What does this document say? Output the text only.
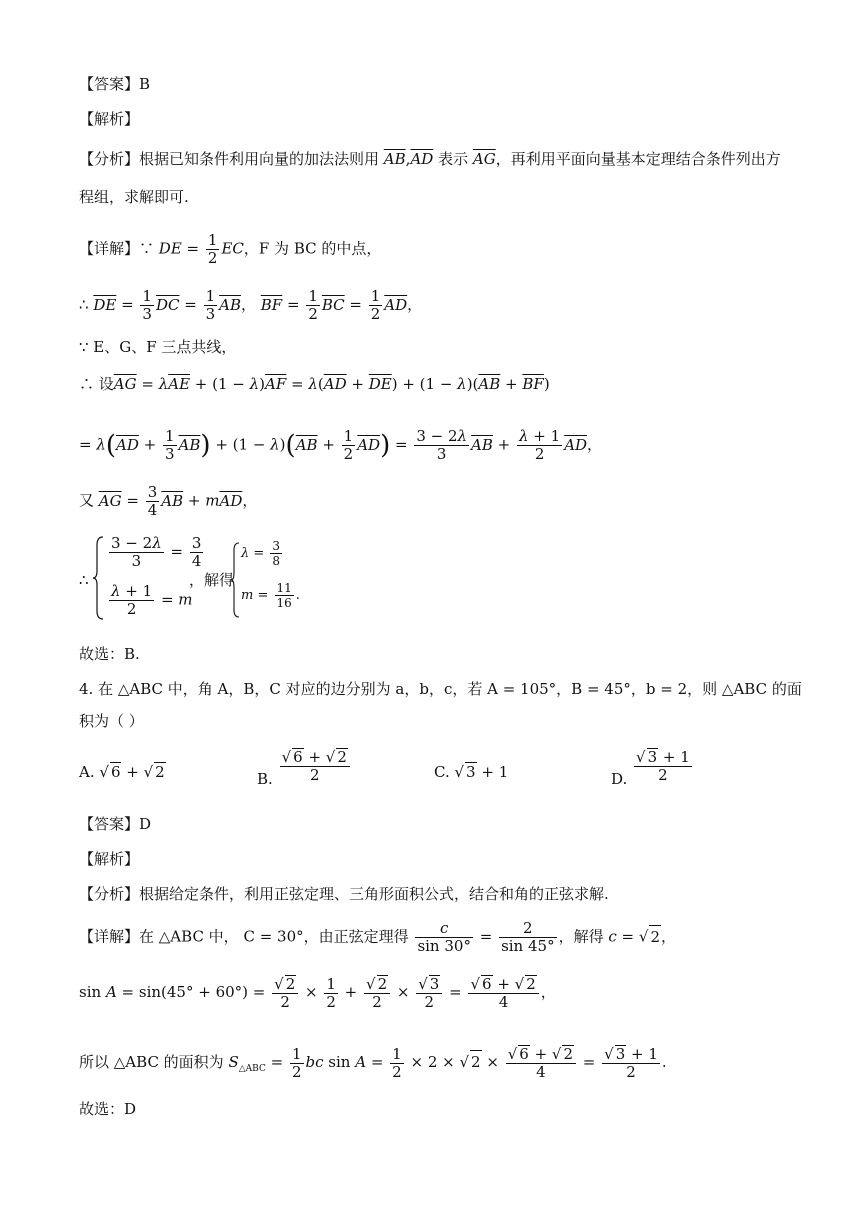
【答案】B
【解析】
【分析】根据已知条件利用向量的加法法则用 $\overline{AB},\overline{AD}$ 表示 $\overline{AG}$，再利用平面向量基本定理结合条件列出方
程组，求解即可.
【详解】∵ DE = $\frac{1}{2}$ EC，F 为 BC 的中点，
∴ $\overline{DE} = \frac{1}{3} \overline{DC} = \frac{1}{3} \overline{AB}$， $\overline{BF} = \frac{1}{2} \overline{BC} = \frac{1}{2} \overline{AD}$，
∵ E、G、F 三点共线，
∴ 设$\overline{AG} = \lambda\overline{AE} + (1 - \lambda)\overline{AF} = \lambda(\overline{AD} + \overline{DE}) + (1 - \lambda)(\overline{AB} + \overline{BF})$
= $\lambda(\overline{AD} + \frac{1}{3} \overline{AB}) + (1 - \lambda)(\overline{AB} + \frac{1}{2} \overline{AD}) = \frac{3 - 2\lambda}{3} \overline{AB} + \frac{\lambda + 1}{2} \overline{AD}$，
又 $\overline{AG} = \frac{3}{4} \overline{AB} + m\overline{AD}$，
∴
$\frac{3 - 2\lambda}{3} = \frac{3}{4}$
$\frac{\lambda + 1}{2} = m$
，解得
$\lambda = \frac{3}{8}$
$m = \frac{11}{16}$ .
故选：B.
4. 在 △ABC 中，角 A，B，C 对应的边分别为 a，b，c，若 A = 105°，B = 45°，b = 2，则 △ABC 的面
积为（ ）
A. √ 6 + √ 2	B. $\frac{√ 6 + √ 2}{2}$	C. √ 3 + 1	D. $\frac{√ 3 + 1}{2}$
【答案】D
【解析】
【分析】根据给定条件，利用正弦定理、三角形面积公式，结合和角的正弦求解.
【详解】在 △ABC 中， C = 30°，由正弦定理得 $\frac{c}{\sin 30^\circ} = \frac{2}{\sin 45^\circ}$ ，解得 c = √ 2，
$\sin A = \sin(45^\circ + 60^\circ) = \frac{√ 2}{2} \times \frac{1}{2} + \frac{√ 2}{2} \times \frac{√ 3}{2} = \frac{√ 6 + √ 2}{4}$ ，
所以 △ABC 的面积为 $S_{\triangle ABC} = \frac{1}{2}$ bc $\sin A = \frac{1}{2} \times 2$ × √ $2 \times \frac{√ 6 + √ 2}{4} = \frac{√ 3 + 1}{2}$ .
故选：D
